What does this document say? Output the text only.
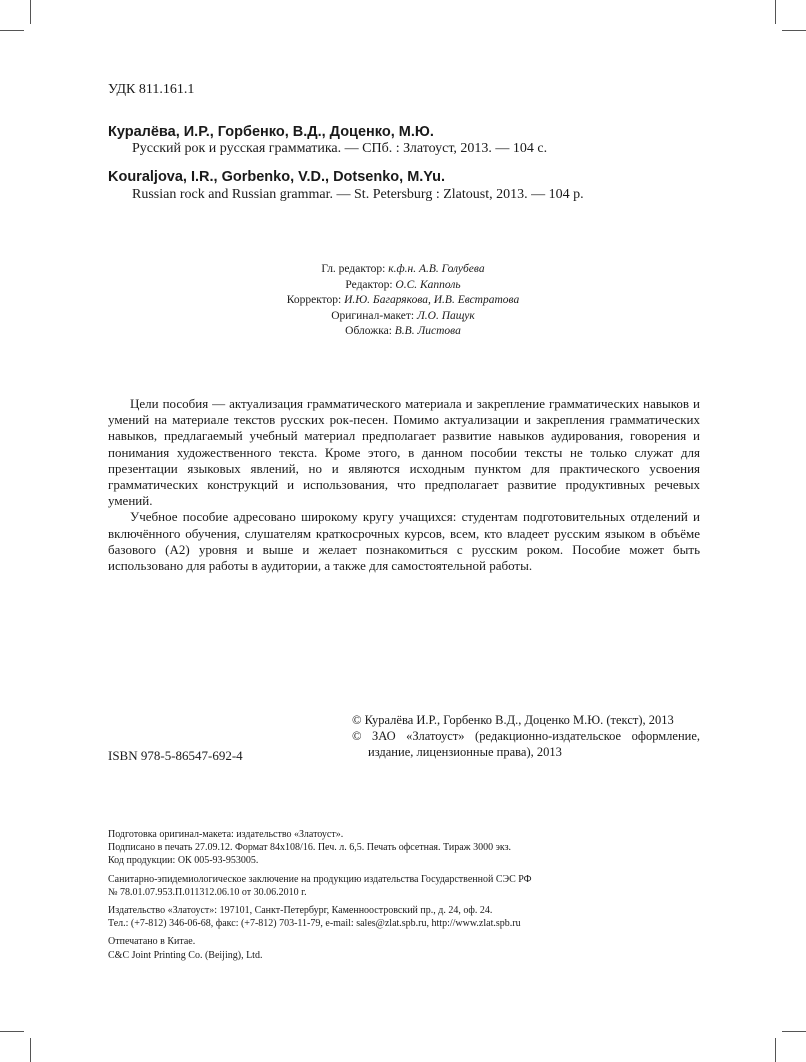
УДК 811.161.1
Куралёва, И.Р., Горбенко, В.Д., Доценко, М.Ю.
Русский рок и русская грамматика. — СПб. : Златоуст, 2013. — 104 с.
Kouraljova, I.R., Gorbenko, V.D., Dotsenko, M.Yu.
Russian rock and Russian grammar. — St. Petersburg : Zlatoust, 2013. — 104 p.
Гл. редактор: к.ф.н. А.В. Голубева
Редактор: О.С. Капполь
Корректор: И.Ю. Багарякова, И.В. Евстратова
Оригинал-макет: Л.О. Пащук
Обложка: В.В. Листова

Цели пособия — актуализация грамматического материала и закрепление грамматических навыков и умений на материале текстов русских рок-песен. Помимо актуализации и закрепления грамматических навыков, предлагаемый учебный материал предполагает развитие навыков аудирования, говорения и понимания художественного текста. Кроме этого, в данном пособии тексты не только служат для презентации языковых явлений, но и являются исходным пунктом для практического усвоения грамматических конструкций и использования, что предполагает развитие продуктивных речевых умений.

Учебное пособие адресовано широкому кругу учащихся: студентам подготовительных отделений и включённого обучения, слушателям краткосрочных курсов, всем, кто владеет русским языком в объёме базового (А2) уровня и выше и желает познакомиться с русским роком. Пособие может быть использовано для работы в аудитории, а также для самостоятельной работы.

© Куралёва И.Р., Горбенко В.Д., Доценко М.Ю. (текст), 2013
© ЗАО «Златоуст» (редакционно-издательское оформление, издание, лицензионные права), 2013
ISBN 978-5-86547-692-4
Подготовка оригинал-макета: издательство «Златоуст».
Подписано в печать 27.09.12. Формат 84х108/16. Печ. л. 6,5. Печать офсетная. Тираж 3000 экз.
Код продукции: ОК 005-93-953005.
Санитарно-эпидемиологическое заключение на продукцию издательства Государственной СЭС РФ
№ 78.01.07.953.П.011312.06.10 от 30.06.2010 г.
Издательство «Златоуст»: 197101, Санкт-Петербург, Каменноостровский пр., д. 24, оф. 24.
Тел.: (+7-812) 346-06-68, факс: (+7-812) 703-11-79, e-mail: sales@zlat.spb.ru, http://www.zlat.spb.ru
Отпечатано в Китае.
C&C Joint Printing Co. (Beijing), Ltd.
